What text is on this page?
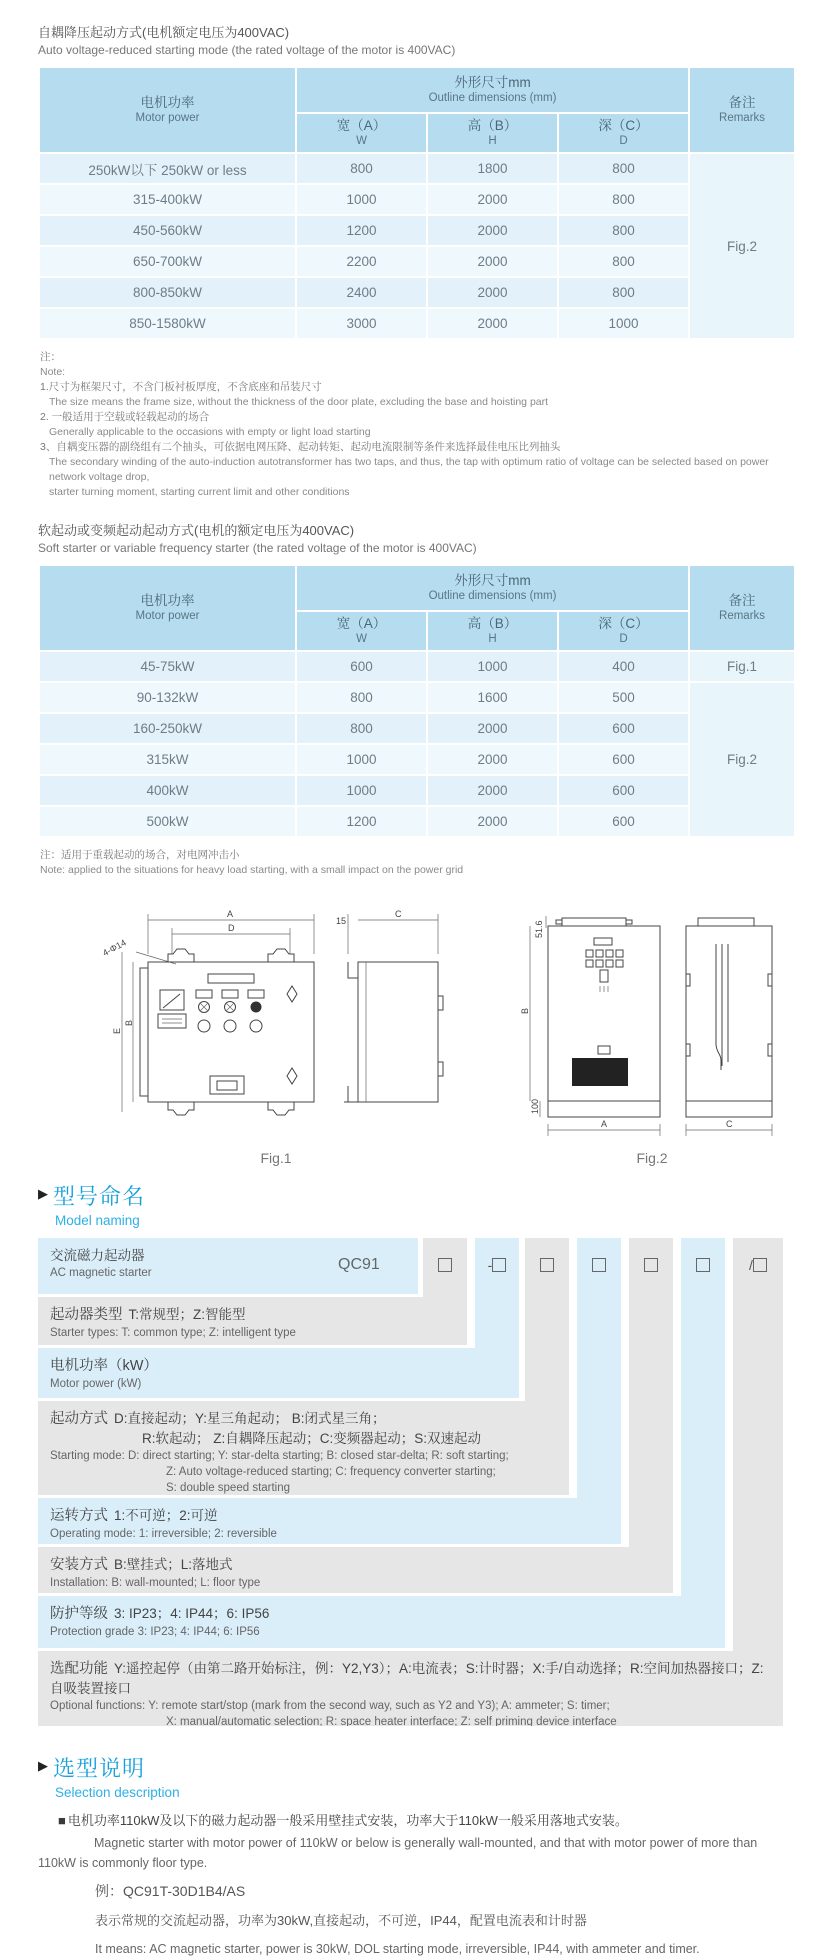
自耦降压起动方式(电机额定电压为400VAC)
Auto voltage-reduced starting mode (the rated voltage of the motor is 400VAC)
电机功率
Motor power

外形尺寸mm
Outline dimensions (mm)	备注
Remarks

宽（A）
W

高（B）
H

深（C）
D

250kW以下 250kW or less	800	1800	800	Fig.2
315-400kW	1000	2000	800	
450-560kW	1200	2000	800	
650-700kW	2200	2000	800	
800-850kW	2400	2000	800	
850-1580kW	3000	2000	1000	
注：
Note:
1.尺寸为框架尺寸，不含门板衬板厚度，不含底座和吊装尺寸
The size means the frame size, without the thickness of the door plate, excluding the base and hoisting part
2. 一般适用于空载或轻载起动的场合
Generally applicable to the occasions with empty or light load starting
3、自耦变压器的副绕组有二个抽头，可依据电网压降、起动转矩、起动电流限制等条件来选择最佳电压比列抽头
The secondary winding of the auto-induction autotransformer has two taps, and thus, the tap with optimum ratio of voltage can be selected based on power network voltage drop,
starter turning moment, starting current limit and other conditions
软起动或变频起动起动方式(电机的额定电压为400VAC)
Soft starter or variable frequency starter (the rated voltage of the motor is 400VAC)
电机功率
Motor power

外形尺寸mm
Outline dimensions (mm)	备注
Remarks

宽（A）
W

高（B）
H

深（C）
D

45-75kW	600	1000	400	Fig.1
90-132kW	800	1600	500	Fig.2
160-250kW	800	2000	600	
315kW	1000	2000	600	
400kW	1000	2000	600	
500kW	1200	2000	600	
注：适用于重载起动的场合，对电网冲击小
Note: applied to the situations for heavy load starting, with a small impact on the power grid
A
D
4-Φ14
E
B
15
C
Fig.1
51.6
B
100
A	C
Fig.2
▶ 型号命名
Model naming
交流磁力起动器
AC magnetic starter
起动器类型 T:常规型；Z:智能型
Starter types: T: common type; Z: intelligent type
电机功率（kW）
Motor power (kW)
起动方式 D:直接起动；Y:星三角起动； B:闭式星三角；
R:软起动； Z:自耦降压起动；C:变频器起动；S:双速起动
Starting mode: D: direct starting; Y: star-delta starting; B: closed star-delta; R: soft starting;
Z: Auto voltage-reduced starting; C: frequency converter starting;
S: double speed starting
运转方式 1:不可逆；2:可逆
Operating mode: 1: irreversible; 2: reversible
安装方式 B:壁挂式；L:落地式
Installation: B: wall-mounted; L: floor type
防护等级 3: IP23；4: IP44；6: IP56
Protection grade 3: IP23; 4: IP44; 6: IP56
选配功能 Y:遥控起停（由第二路开始标注，例：Y2,Y3）；A:电流表；S:计时器；X:手/自动选择；R:空间加热器接口；Z:自吸装置接口
Optional functions: Y: remote start/stop (mark from the second way, such as Y2 and Y3); A: ammeter; S: timer;
X: manual/automatic selection; R: space heater interface; Z: self priming device interface
QC91	-	/
▶ 选型说明
Selection description
■ 电机功率110kW及以下的磁力起动器一般采用壁挂式安装，功率大于110kW一般采用落地式安装。

Magnetic starter with motor power of 110kW or below is generally wall-mounted, and that with motor power of more than 110kW is commonly floor type.

例：QC91T-30D1B4/AS
表示常规的交流起动器，功率为30kW,直接起动，不可逆，IP44，配置电流表和计时器
It means: AC magnetic starter, power is 30kW, DOL starting mode, irreversible, IP44, with ammeter and timer.
